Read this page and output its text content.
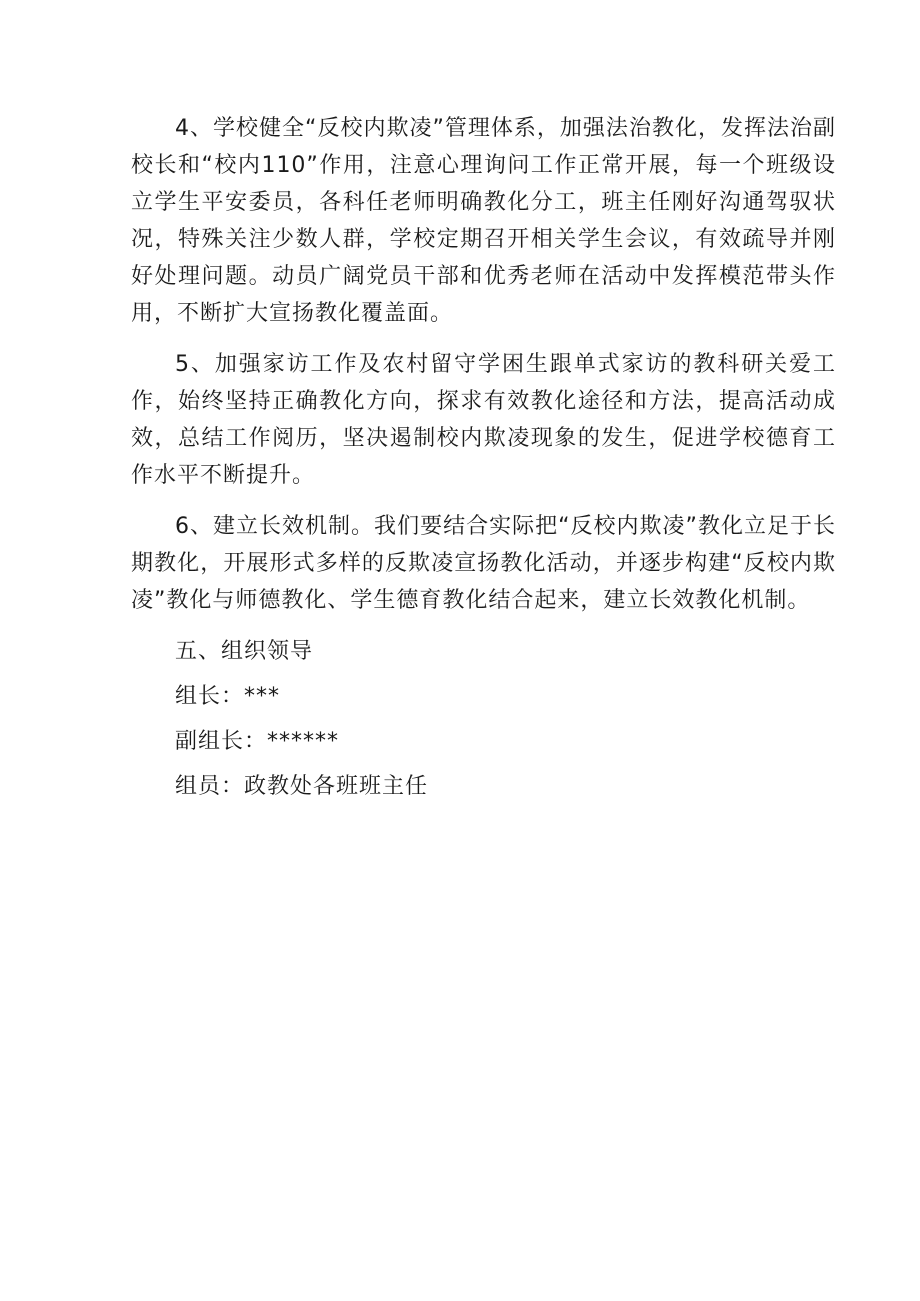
4、学校健全“反校内欺凌”管理体系，加强法治教化，发挥法治副校长和“校内110”作用，注意心理询问工作正常开展，每一个班级设立学生平安委员，各科任老师明确教化分工，班主任刚好沟通驾驭状况，特殊关注少数人群，学校定期召开相关学生会议，有效疏导并刚好处理问题。动员广阔党员干部和优秀老师在活动中发挥模范带头作用，不断扩大宣扬教化覆盖面。

5、加强家访工作及农村留守学困生跟单式家访的教科研关爱工作，始终坚持正确教化方向，探求有效教化途径和方法，提高活动成效，总结工作阅历，坚决遏制校内欺凌现象的发生，促进学校德育工作水平不断提升。

6、建立长效机制。我们要结合实际把“反校内欺凌”教化立足于长期教化，开展形式多样的反欺凌宣扬教化活动，并逐步构建“反校内欺凌”教化与师德教化、学生德育教化结合起来，建立长效教化机制。

五、组织领导

组长：***

副组长：******

组员：政教处各班班主任
